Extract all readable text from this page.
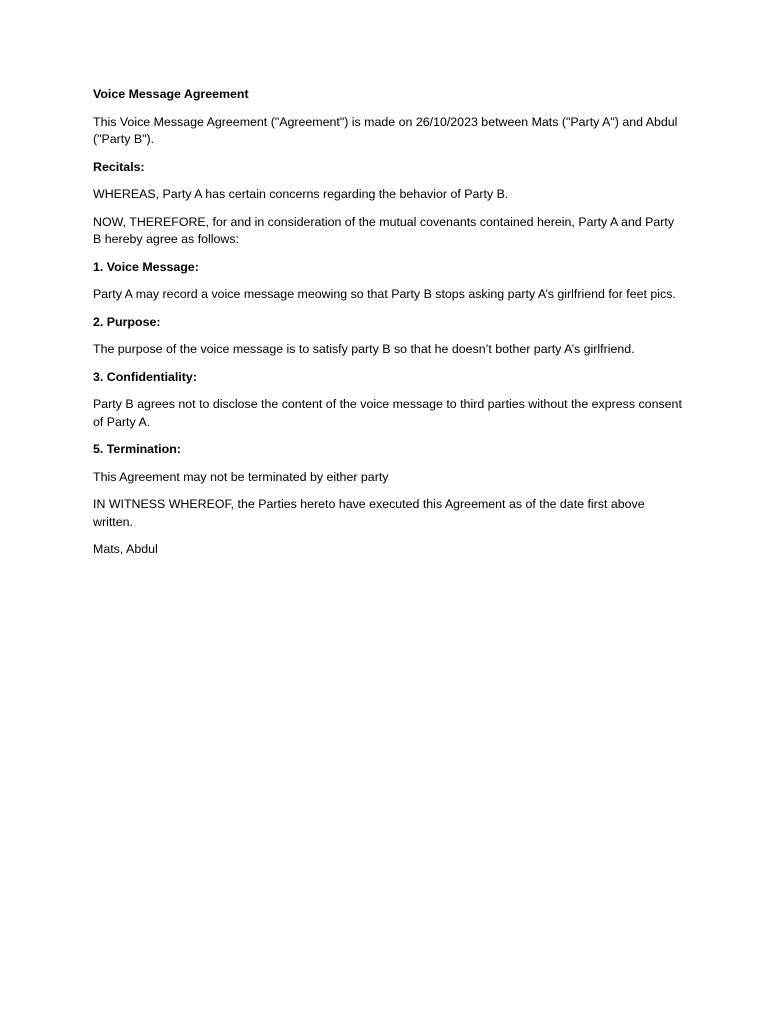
Voice Message Agreement

This Voice Message Agreement ("Agreement") is made on 26/10/2023 between Mats ("Party A") and Abdul ("Party B").

Recitals:

WHEREAS, Party A has certain concerns regarding the behavior of Party B.

NOW, THEREFORE, for and in consideration of the mutual covenants contained herein, Party A and Party B hereby agree as follows:

1. Voice Message:

Party A may record a voice message meowing so that Party B stops asking party A’s girlfriend for feet pics.

2. Purpose:

The purpose of the voice message is to satisfy party B so that he doesn’t bother party A’s girlfriend.

3. Confidentiality:

Party B agrees not to disclose the content of the voice message to third parties without the express consent of Party A.

5. Termination:

This Agreement may not be terminated by either party

IN WITNESS WHEREOF, the Parties hereto have executed this Agreement as of the date first above written.

Mats, Abdul
